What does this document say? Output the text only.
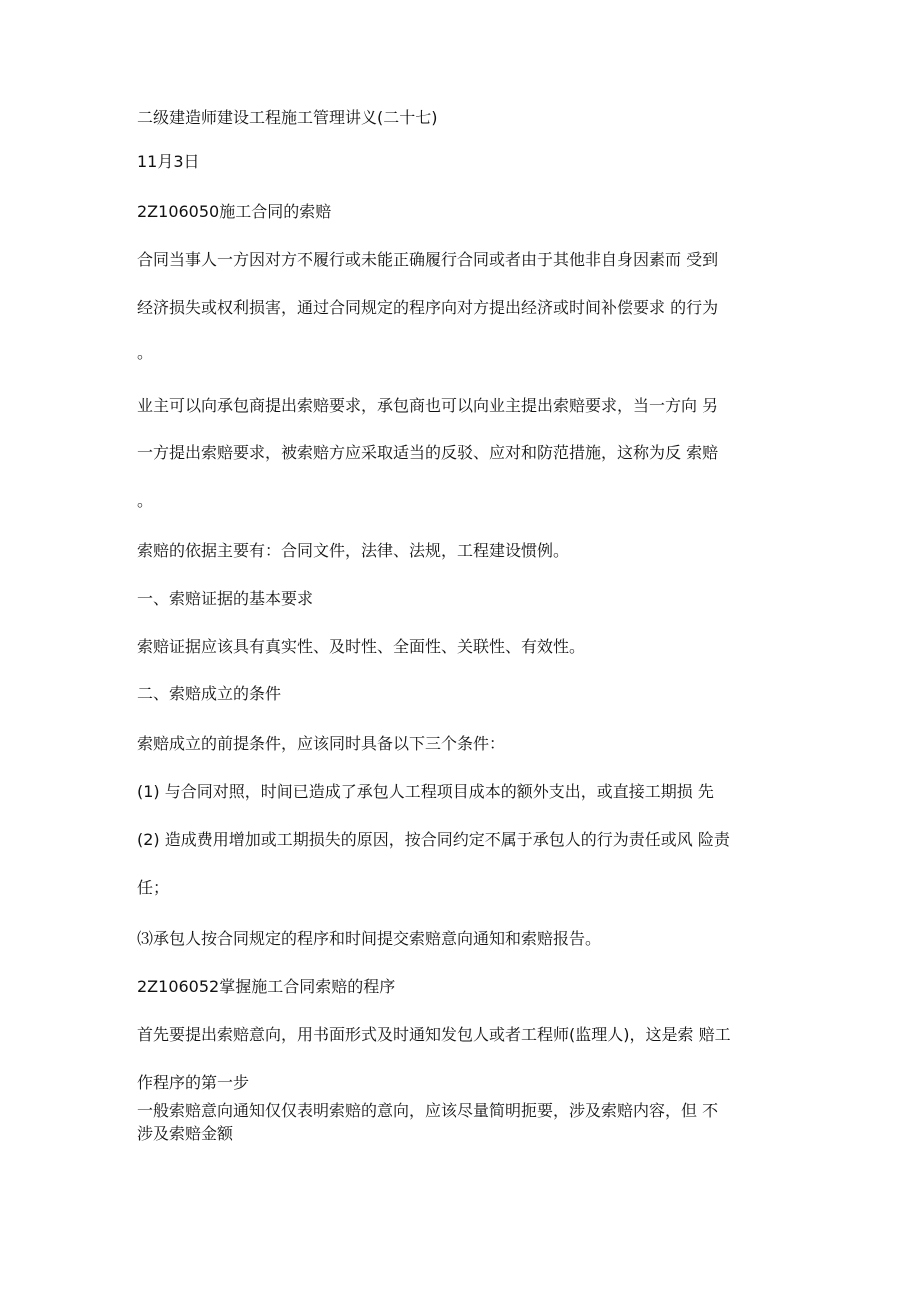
二级建造师建设工程施工管理讲义(二十七)

11月3日

2Z106050施工合同的索赔

合同当事人一方因对方不履行或未能正确履行合同或者由于其他非自身因素而 受到

经济损失或权利损害，通过合同规定的程序向对方提出经济或时间补偿要求 的行为

。

业主可以向承包商提出索赔要求，承包商也可以向业主提出索赔要求，当一方向 另

一方提出索赔要求，被索赔方应采取适当的反驳、应对和防范措施，这称为反 索赔

。

索赔的依据主要有：合同文件，法律、法规，工程建设惯例。

一、索赔证据的基本要求

索赔证据应该具有真实性、及时性、全面性、关联性、有效性。

二、索赔成立的条件

索赔成立的前提条件，应该同时具备以下三个条件：

(1) 与合同对照，时间已造成了承包人工程项目成本的额外支出，或直接工期损 先

(2) 造成费用增加或工期损失的原因，按合同约定不属于承包人的行为责任或风 险责

任；

⑶承包人按合同规定的程序和时间提交索赔意向通知和索赔报告。

2Z106052掌握施工合同索赔的程序

首先要提出索赔意向，用书面形式及时通知发包人或者工程师(监理人)，这是索 赔工

作程序的第一步

一般索赔意向通知仅仅表明索赔的意向，应该尽量简明扼要，涉及索赔内容，但 不

涉及索赔金额
